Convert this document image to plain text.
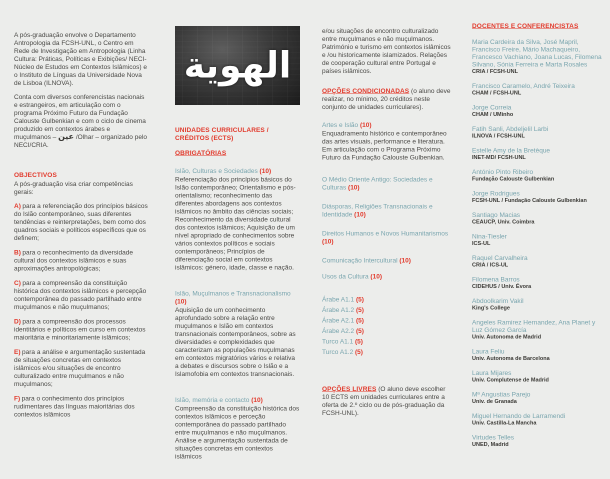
A pós-graduação envolve o Departamento Antropologia da FCSH-UNL, o Centro em Rede de Investigação em Antropologia (Linha Cultura: Práticas, Políticas e Exibições/ NECI-Núcleo de Estudos em Contextos Islâmicos) e o Instituto de Línguas da Universidade Nova de Lisboa (ILNOVA).

Conta com diversos conferencistas nacionais e estrangeiros, em articulação com o programa Próximo Futuro da Fundação Calouste Gulbenkian e com o ciclo de cinema produzido em contextos árabes e muçulmanos – عين /Olhar – organizado pelo NECI/CRIA.

OBJECTIVOS

A pós-graduação visa criar competências gerais:

A) para a referenciação dos princípios básicos do Islão contemporâneo, suas diferentes tendências e reinterpretações, bem como dos quadros sociais e políticos específicos que os definem;

B) para o reconhecimento da diversidade cultural dos contextos islâmicos e suas aproximações antropológicas;

C) para a compreensão da constituição histórica dos contextos islâmicos e percepção contemporânea do passado partilhado entre muçulmanos e não muçulmanos;

D) para a compreensão dos processos identitários e políticos em curso em contextos maioritária e minoritariamente islâmicos;

E) para a análise e argumentação sustentada de situações concretas em contextos islâmicos e/ou situações de encontro culturalizado entre muçulmanos e não muçulmanos;

F) para o conhecimento dos princípios rudimentares das línguas maioritárias dos contextos islâmicos

الهوية

UNIDADES CURRICULARES / CRÉDITOS (ECTS)

OBRIGATÓRIAS

Islão, Culturas e Sociedades (10)

Referenciação dos princípios básicos do Islão contemporâneo; Orientalismo e pós-orientalismo; reconhecimento das diferentes abordagens aos contextos islâmicos no âmbito das ciências sociais; Reconhecimento da diversidade cultural dos contextos islâmicos; Aquisição de um nível apropriado de conhecimentos sobre vários contextos políticos e sociais contemporâneos; Princípios de diferenciação social em contextos islâmicos: género, idade, classe e nação.

Islão, Muçulmanos e Transnacionalismo (10)

Aquisição de um conhecimento aprofundado sobre a relação entre muçulmanos e Islão em contextos transnacionais contemporâneos, sobre as diversidades e complexidades que caracterizam as populações muçulmanas em contextos migratórios vários e relativa a debates e discursos sobre o Islão e a Islamofobia em contextos transnacionais.

Islão, memória e contacto (10)

Compreensão da constituição histórica dos contextos islâmicos e perceção contemporânea do passado partilhado entre muçulmanos e não muçulmanos. Análise e argumentação sustentada de situações concretas em contextos islâmicos

e/ou situações de encontro culturalizado entre muçulmanos e não muçulmanos. Património e turismo em contextos islâmicos e /ou historicamente islamizados. Relações de cooperação cultural entre Portugal e países islâmicos.

OPÇÕES CONDICIONADAS (o aluno deve realizar, no mínimo, 20 créditos neste conjunto de unidades curriculares).

Artes e Islão (10)

Enquadramento histórico e contemporâneo das artes visuais, performance e literatura. Em articulação com o Programa Próximo Futuro da Fundação Calouste Gulbenkian.

O Médio Oriente Antigo: Sociedades e Culturas (10)

Diásporas, Religiões Transnacionais e Identidade (10)

Direitos Humanos e Novos Humanitarismos (10)

Comunicação Intercultural (10)

Usos da Cultura (10)

Árabe A1.1 (5)

Árabe A1.2 (5)

Árabe A2.1 (5)

Árabe A2.2 (5)

Turco A1.1 (5)

Turco A1.2 (5)

OPÇÕES LIVRES (O aluno deve escolher 10 ECTS em unidades curriculares entre a oferta de 2.º ciclo ou de pós-graduação da FCSH-UNL).

DOCENTES E CONFERENCISTAS

Maria Cardeira da Silva, José Mapril, Francisco Freire, Mário Machaqueiro, Francesco Vachiano, Joana Lucas, Filomena Silvano, Sónia Ferreira e Marta Rosales
CRIA / FCSH-UNL
Francisco Caramelo, André Teixeira
CHAM / FCSH-UNL
Jorge Correia
CHAM / UMinho
Fatih Sanli, Abdeljelil Larbi
ILNOVA / FCSH-UNL
Estelle Amy de la Bretèque
INET-MD/ FCSH-UNL
António Pinto Ribeiro
Fundação Calouste Gulbenkian
Jorge Rodrigues
FCSH-UNL / Fundação Calouste Gulbenkian
Santiago Macias
CEAUCP, Univ. Coimbra
Nina-Tiesler
ICS-UL
Raquel Carvalheira
CRIA / ICS-UL
Filomena Barros
CIDEHUS / Univ. Évora
Abdoolkarim Vakil
King's College
Angeles Ramirez Hernandez, Ana Planet y Luz Gómez García
Univ. Autonoma de Madrid
Laura Feliu
Univ. Autonoma de Barcelona
Laura Mijares
Univ. Complutense de Madrid
Mª Angustias Parejo
Univ. de Granada
Miguel Hernando de Larramendi
Univ. Castilla-La Mancha
Virtudes Telles
UNED, Madrid
